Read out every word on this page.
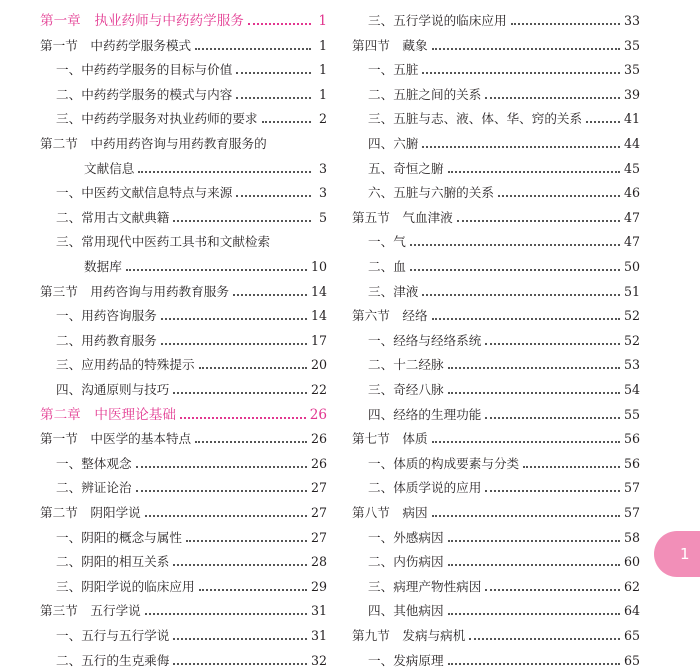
第一章　执业药师与中药药学服务	1
第一节　中药药学服务模式	1
一、中药药学服务的目标与价值	1
二、中药药学服务的模式与内容	1
三、中药药学服务对执业药师的要求	2
第二节　中药用药咨询与用药教育服务的
文献信息	3
一、中医药文献信息特点与来源	3
二、常用古文献典籍	5
三、常用现代中医药工具书和文献检索
数据库	10
第三节　用药咨询与用药教育服务	14
一、用药咨询服务	14
二、用药教育服务	17
三、应用药品的特殊提示	20
四、沟通原则与技巧	22
第二章　中医理论基础	26
第一节　中医学的基本特点	26
一、整体观念	26
二、辨证论治	27
第二节　阴阳学说	27
一、阴阳的概念与属性	27
二、阴阳的相互关系	28
三、阴阳学说的临床应用	29
第三节　五行学说	31
一、五行与五行学说	31
二、五行的生克乘侮	32
三、五行学说的临床应用	33
第四节　藏象	35
一、五脏	35
二、五脏之间的关系	39
三、五脏与志、液、体、华、窍的关系	41
四、六腑	44
五、奇恒之腑	45
六、五脏与六腑的关系	46
第五节　气血津液	47
一、气	47
二、血	50
三、津液	51
第六节　经络	52
一、经络与经络系统	52
二、十二经脉	53
三、奇经八脉	54
四、经络的生理功能	55
第七节　体质	56
一、体质的构成要素与分类	56
二、体质学说的应用	57
第八节　病因	57
一、外感病因	58
二、内伤病因	60
三、病理产物性病因	62
四、其他病因	64
第九节　发病与病机	65
一、发病原理	65
1
